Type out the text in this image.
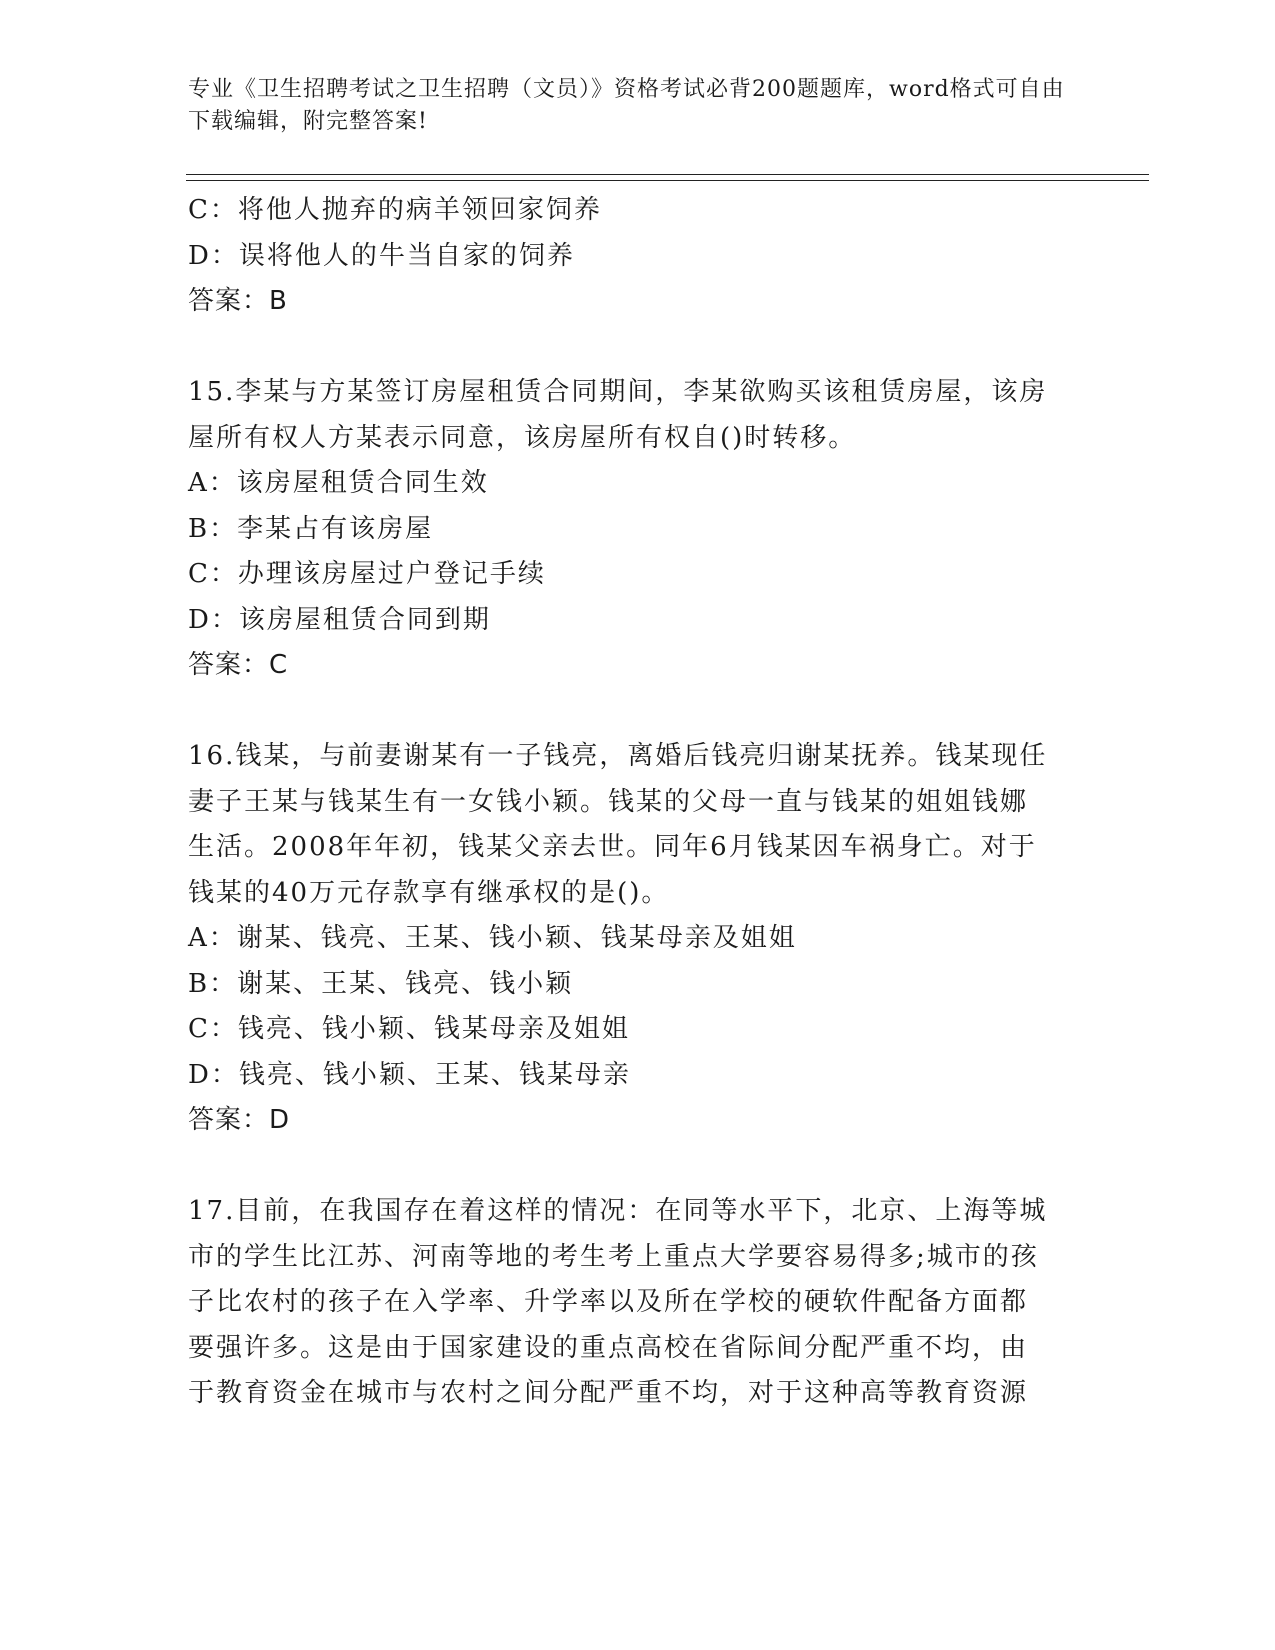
专业《卫生招聘考试之卫生招聘（文员）》资格考试必背200题题库，word格式可自由下载编辑，附完整答案!
C：将他人抛弃的病羊领回家饲养
D：误将他人的牛当自家的饲养
答案：B
15.李某与方某签订房屋租赁合同期间，李某欲购买该租赁房屋，该房
屋所有权人方某表示同意，该房屋所有权自()时转移。
A：该房屋租赁合同生效
B：李某占有该房屋
C：办理该房屋过户登记手续
D：该房屋租赁合同到期
答案：C
16.钱某，与前妻谢某有一子钱亮，离婚后钱亮归谢某抚养。钱某现任
妻子王某与钱某生有一女钱小颖。钱某的父母一直与钱某的姐姐钱娜
生活。2008年年初，钱某父亲去世。同年6月钱某因车祸身亡。对于
钱某的40万元存款享有继承权的是()。
A：谢某、钱亮、王某、钱小颖、钱某母亲及姐姐
B：谢某、王某、钱亮、钱小颖
C：钱亮、钱小颖、钱某母亲及姐姐
D：钱亮、钱小颖、王某、钱某母亲
答案：D
17.目前，在我国存在着这样的情况：在同等水平下，北京、上海等城
市的学生比江苏、河南等地的考生考上重点大学要容易得多;城市的孩
子比农村的孩子在入学率、升学率以及所在学校的硬软件配备方面都
要强许多。这是由于国家建设的重点高校在省际间分配严重不均，由
于教育资金在城市与农村之间分配严重不均，对于这种高等教育资源
